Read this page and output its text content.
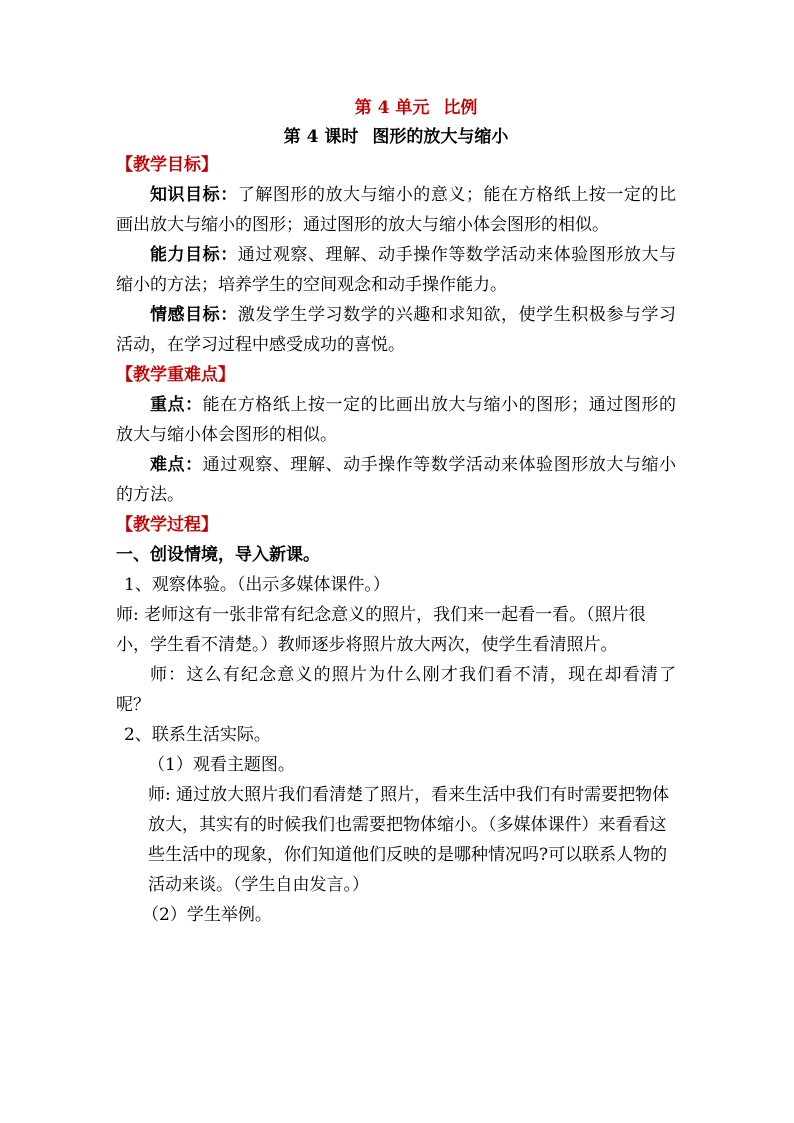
第 4 单元 比例

第 4 课时 图形的放大与缩小

【教学目标】

知识目标：了解图形的放大与缩小的意义；能在方格纸上按一定的比画出放大与缩小的图形；通过图形的放大与缩小体会图形的相似。

能力目标：通过观察、理解、动手操作等数学活动来体验图形放大与缩小的方法；培养学生的空间观念和动手操作能力。

情感目标：激发学生学习数学的兴趣和求知欲，使学生积极参与学习活动，在学习过程中感受成功的喜悦。

【教学重难点】

重点：能在方格纸上按一定的比画出放大与缩小的图形；通过图形的放大与缩小体会图形的相似。

难点：通过观察、理解、动手操作等数学活动来体验图形放大与缩小的方法。

【教学过程】

一、创设情境，导入新课。

1、观察体验。（出示多媒体课件。）

师: 老师这有一张非常有纪念意义的照片，我们来一起看一看。（照片很小，学生看不清楚。）教师逐步将照片放大两次，使学生看清照片。

师：这么有纪念意义的照片为什么刚才我们看不清，现在却看清了呢？

2、联系生活实际。

（1）观看主题图。

师: 通过放大照片我们看清楚了照片，看来生活中我们有时需要把物体放大，其实有的时候我们也需要把物体缩小。（多媒体课件）来看看这些生活中的现象，你们知道他们反映的是哪种情况吗?可以联系人物的活动来谈。（学生自由发言。）

（2）学生举例。
